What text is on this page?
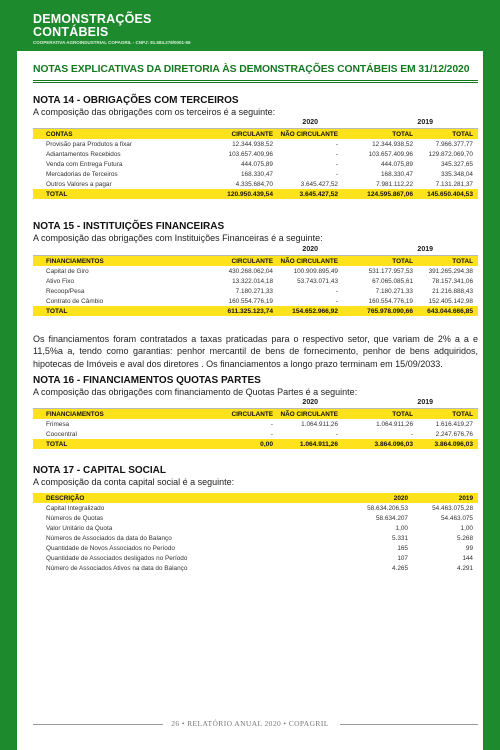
DEMONSTRAÇÕES
CONTÁBEIS
COOPERATIVA AGROINDUSTRIAL COPAGRIL - CNPJ: 81.584.278/0001-55
NOTAS EXPLICATIVAS DA DIRETORIA ÀS DEMONSTRAÇÕES CONTÁBEIS EM 31/12/2020
NOTA 14 - OBRIGAÇÕES COM TERCEIROS
A composição das obrigações com os terceiros é a seguinte:
2020	2019
CONTAS	CIRCULANTE NÃO CIRCULANTE	TOTAL	TOTAL
Provisão para Produtos a fixar	12.344.938,52	-	12.344.938,52	7.966.377,77
Adiantamentos Recebidos	103.657.409,96	-	103.657.409,96 129.872.069,70
Venda com Entrega Futura	444.075,89	-	444.075,89	345.327,65
Mercadorias de Terceiros	168.330,47	-	168.330,47	335.348,04
Outros Valores a pagar	4.335.684,70	3.645.427,52	7.981.112,22	7.131.281,37
TOTAL	120.950.439,54	3.645.427,52	124.595.867,06 145.650.404,53
NOTA 15 - INSTITUIÇÕES FINANCEIRAS
A composição das obrigações com Instituições Financeiras é a seguinte:
2020	2019
FINANCIAMENTOS	CIRCULANTE NÃO CIRCULANTE	TOTAL	TOTAL
Capital de Giro	430.268.062,04	100.909.895,49	531.177.957,53 391.265.294,38
Ativo Fixo	13.322.014,18	53.743.071,43	67.065.085,61	78.157.341,06
Recoop/Pesa	7.180.271,33	-	7.180.271,33	21.216.888,43
Contrato de Câmbio	160.554.776,19	-	160.554.776,19 152.405.142,98
TOTAL	611.325.123,74	154.652.966,92	765.978.090,66 643.044.666,85
Os financiamentos foram contratados a taxas praticadas para o respectivo setor, que variam de 2% a a e 11,5%a a, tendo como garantias: penhor mercantil de bens de fornecimento, penhor de bens adquiridos, hipotecas de Imóveis e aval dos diretores . Os financiamentos a longo prazo terminam em 15/09/2033.
NOTA 16 - FINANCIAMENTOS QUOTAS PARTES
A composição das obrigações com financiamento de Quotas Partes é a seguinte:
2020	2019
FINANCIAMENTOS	CIRCULANTE NÃO CIRCULANTE	TOTAL	TOTAL
Frimesa	-	1.064.911,26	1.064.911,26	1.616.419,27
Coocentral	-	-	-	2.247.676,76
TOTAL	0,00	1.064.911,26	3.864.096,03	3.864.096,03
NOTA 17 - CAPITAL SOCIAL
A composição da conta capital social é a seguinte:
DESCRIÇÃO	2020	2019
Capital Integralizado	58.634.206,53	54.463.075,28
Números de Quotas	58.634.207	54.463.075
Valor Unitário da Quota	1,00	1,00
Números de Associados da data do Balanço	5.331	5.268
Quantidade de Novos Associados no Período	165	99
Quantidade de Associados desligados no Período	107	144
Número de Associados Ativos na data do Balanço	4.265	4.291
26 • RELATÓRIO ANUAL 2020 • COPAGRIL
